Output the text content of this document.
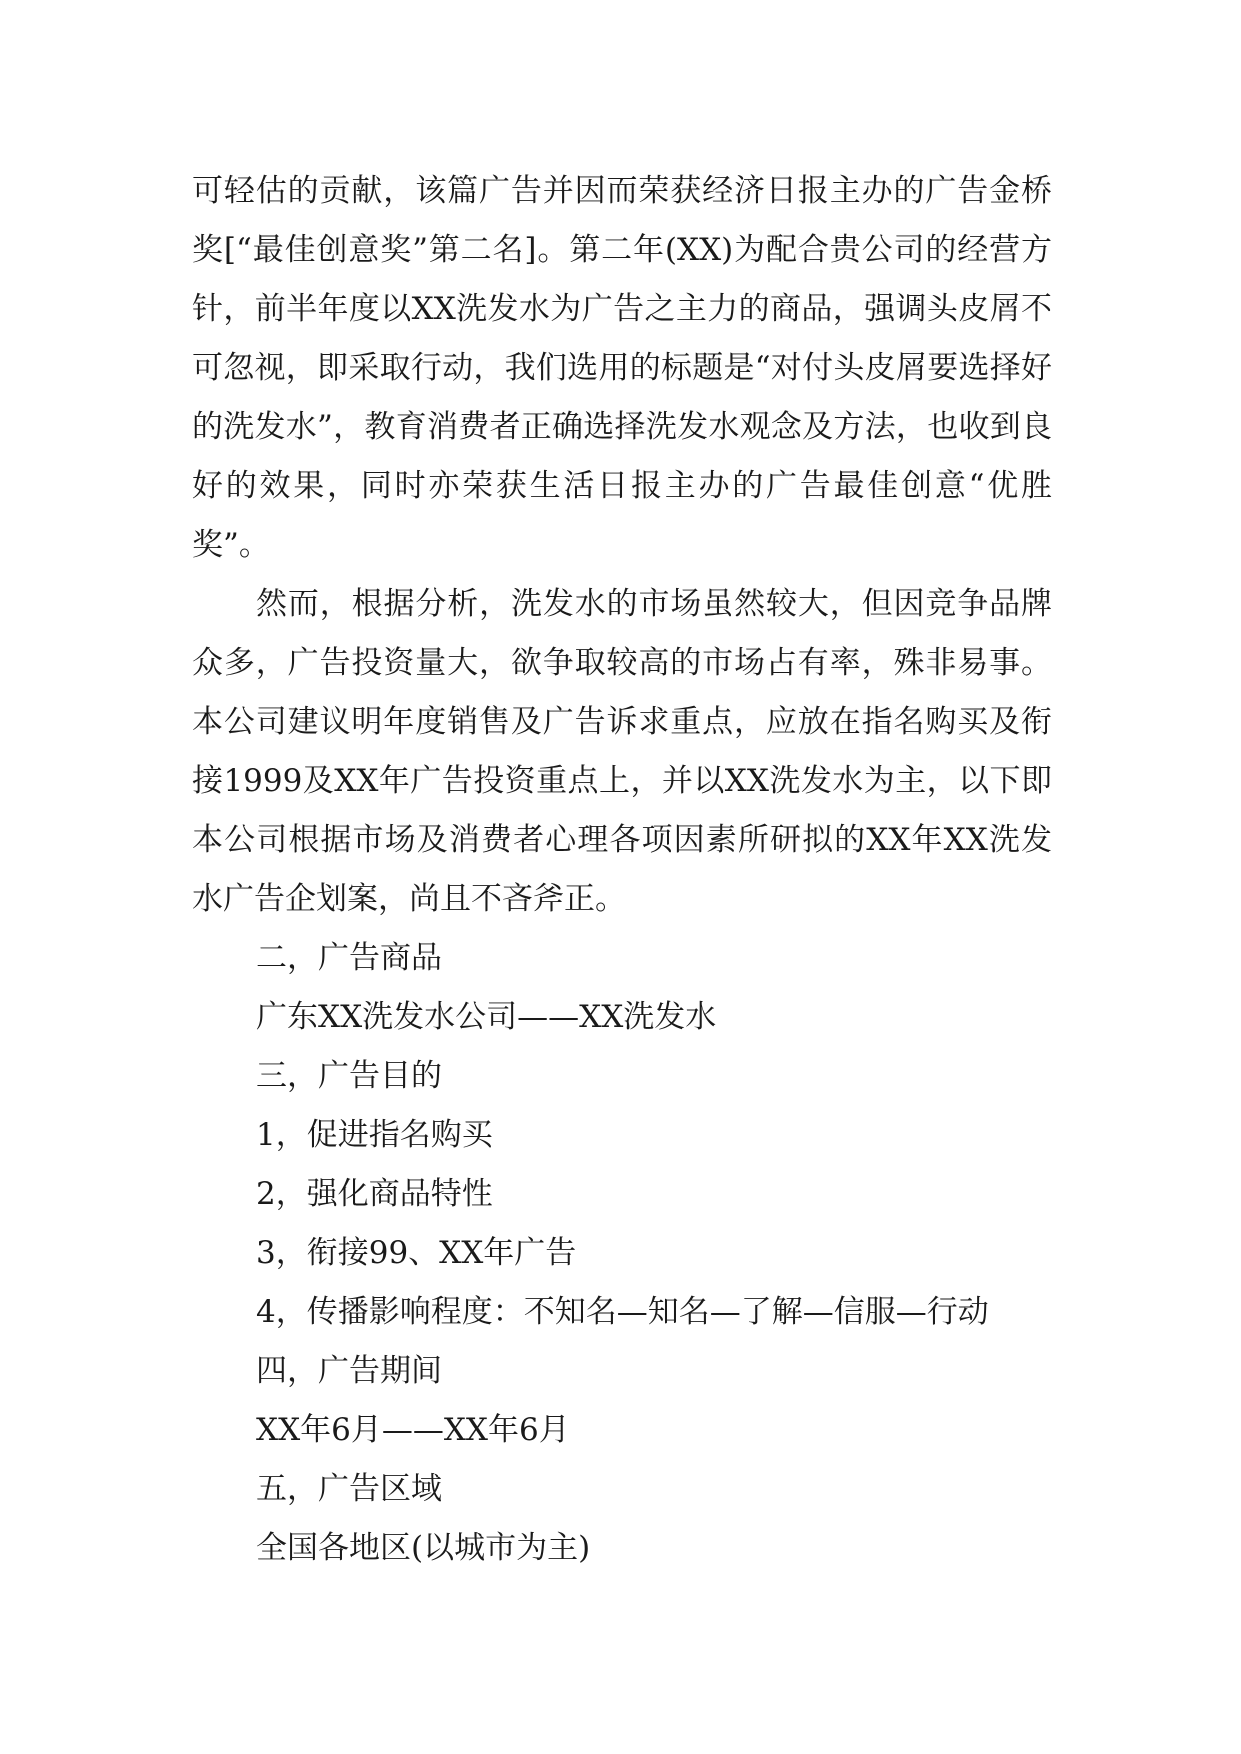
可轻估的贡献，该篇广告并因而荣获经济日报主办的广告金桥奖[“最佳创意奖”第二名]。第二年(XX)为配合贵公司的经营方针，前半年度以XX洗发水为广告之主力的商品，强调头皮屑不可忽视，即采取行动，我们选用的标题是“对付头皮屑要选择好的洗发水”，教育消费者正确选择洗发水观念及方法，也收到良好的效果，同时亦荣获生活日报主办的广告最佳创意“优胜奖”。

然而，根据分析，洗发水的市场虽然较大，但因竞争品牌众多，广告投资量大，欲争取较高的市场占有率，殊非易事。本公司建议明年度销售及广告诉求重点，应放在指名购买及衔接1999及XX年广告投资重点上，并以XX洗发水为主，以下即本公司根据市场及消费者心理各项因素所研拟的XX年XX洗发水广告企划案，尚且不吝斧正。

二，广告商品

广东XX洗发水公司——XX洗发水

三，广告目的

1，促进指名购买

2，强化商品特性

3，衔接99、XX年广告

4，传播影响程度：不知名—知名—了解—信服—行动

四，广告期间

XX年6月——XX年6月

五，广告区域

全国各地区(以城市为主)
